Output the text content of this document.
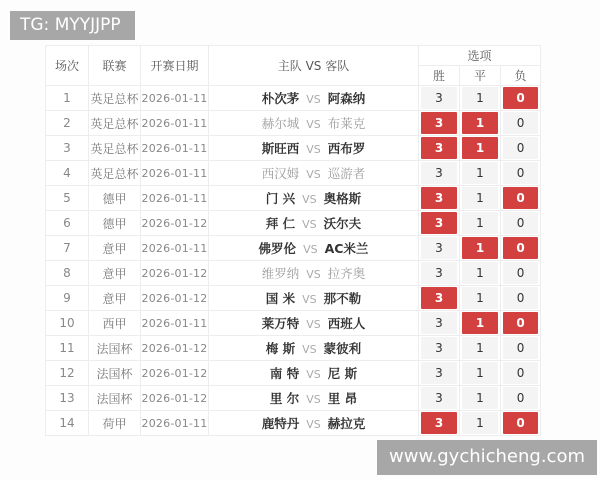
TG: MYYJJPP
场次	联赛	开赛日期	主队 VS 客队	选项		
				胜	平	负
1	英足总杯	2026-01-11	朴次茅 VS 阿森纳	3	1	0

2	英足总杯	2026-01-11	赫尔城 VS 布莱克	3	1	0

3	英足总杯	2026-01-11	斯旺西 VS 西布罗	3	1	0

4	英足总杯	2026-01-11	西汉姆 VS 巡游者	3	1	0

5	德甲	2026-01-11	门 兴 VS 奥格斯	3	1	0

6	德甲	2026-01-12	拜 仁 VS 沃尔夫	3	1	0

7	意甲	2026-01-11	佛罗伦 VS AC米兰	3	1	0

8	意甲	2026-01-12	维罗纳 VS 拉齐奥	3	1	0

9	意甲	2026-01-12	国 米 VS 那不勒	3	1	0

10	西甲	2026-01-11	莱万特 VS 西班人	3	1	0

11	法国杯	2026-01-12	梅 斯 VS 蒙彼利	3	1	0

12	法国杯	2026-01-12	南 特 VS 尼 斯	3	1	0

13	法国杯	2026-01-12	里 尔 VS 里 昂	3	1	0

14	荷甲	2026-01-11	鹿特丹 VS 赫拉克	3	1	0
www.gychicheng.com
